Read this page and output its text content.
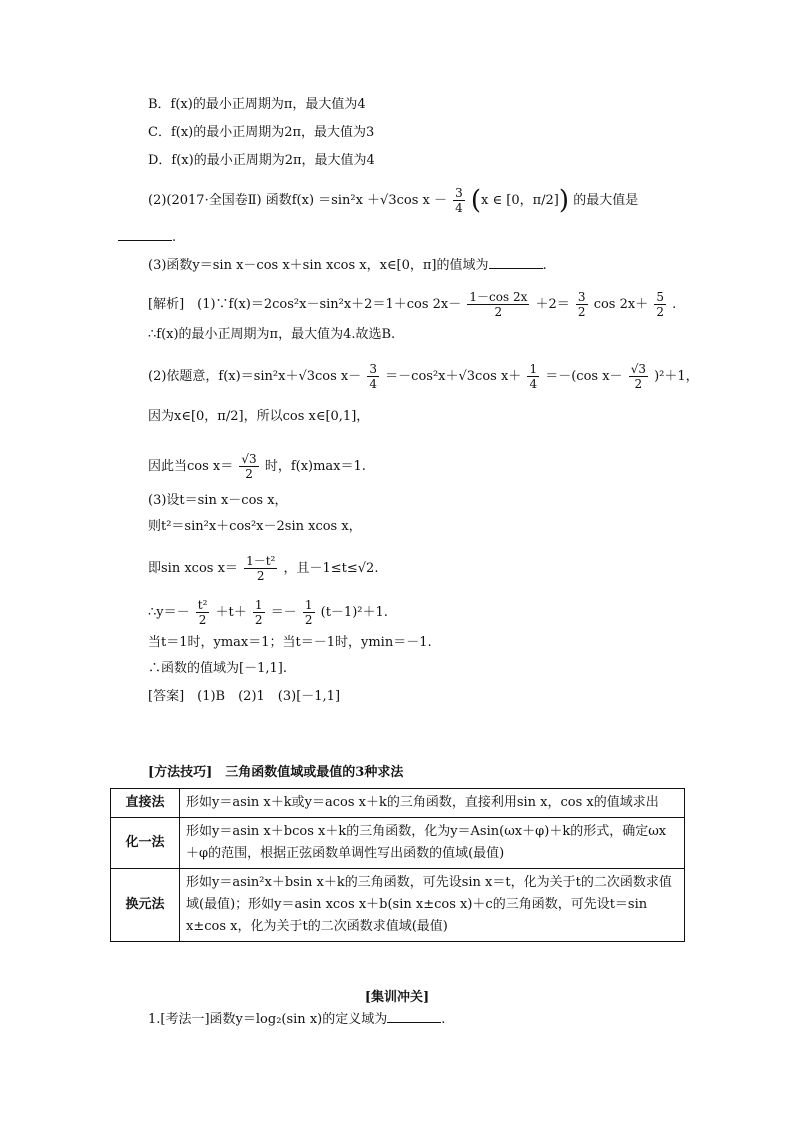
B．f(x)的最小正周期为π，最大值为4
C．f(x)的最小正周期为2π，最大值为3
D．f(x)的最小正周期为2π，最大值为4
(2)(2017·全国卷Ⅱ) 函数f(x) ＝sin²x ＋√3cos $x - \frac{3}{4} (x$ ∈ [0，π/2]) 的最大值是
.
(3)函数y＝sin x－cos x＋sin xcos x，x∈[0，π]的值域为	.
[解析]　(1)∵f(x)＝2cos²x－sin²x＋2＝1＋cos $2x- \frac{1-\cos 2x}{2} +2= \frac{3}{2}$ $\cos 2x+ \frac{5}{2}$ .
∴f(x)的最小正周期为π，最大值为4.故选B.
(2)依题意，f(x)＝sin²x＋√3cos $x- \frac{3}{4} =-\cos^2x+√3\cos$ $x+ \frac{1}{4} =-(\cos$ $x- \frac{√3}{2} )^2+1$，
因为x∈[0，π/2]，所以cos x∈[0,1]，
因此当$\cos x= \frac{√3}{2}$ 时，f(x)max＝1.
(3)设t＝sin x－cos x，
则t²＝sin²x＋cos²x－2sin xcos x，
即sin xcos $x= \frac{\text{1－t²}}{2}$ ，且－1≤t≤√2.
∴y＝－ $\frac{\text{t²}}{2} +t+ \frac{1}{2} =- \frac{1}{2} (t-1)^2+1$.
当t＝1时，ymax＝1；当t＝－1时，ymin＝－1.
∴函数的值域为[－1,1].
[答案]　(1)B　(2)1　(3)[－1,1]
[方法技巧]　三角函数值域或最值的3种求法
直接法	形如y＝asin x＋k或y＝acos x＋k的三角函数，直接利用sin x，cos x的值域求出
化一法	形如y＝asin x＋bcos x＋k的三角函数，化为y＝Asin(ωx＋φ)＋k的形式，确定ωx＋φ的范围，根据正弦函数单调性写出函数的值域(最值)
换元法	形如y＝asin²x＋bsin x＋k的三角函数，可先设sin x＝t，化为关于t的二次函数求值域(最值)；形如y＝asin xcos x＋b(sin x±cos x)＋c的三角函数，可先设t＝sin x±cos x，化为关于t的二次函数求值域(最值)
[集训冲关]
1.[考法一]函数y＝log₂(sin x)的定义域为	.
